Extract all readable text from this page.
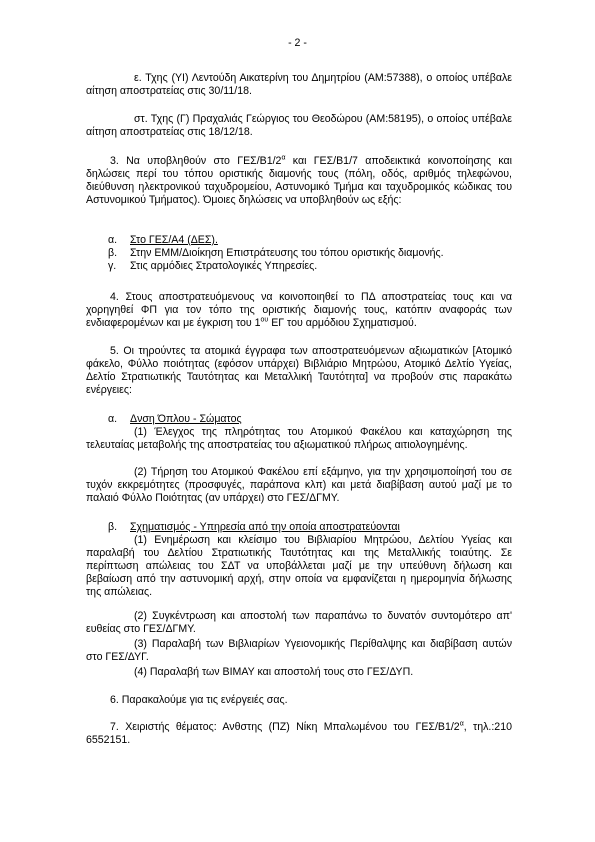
- 2 -
ε. Τχης (ΥΙ) Λεντούδη Αικατερίνη του Δημητρίου (ΑΜ:57388), ο οποίος υπέβαλε αίτηση αποστρατείας στις 30/11/18.
στ. Τχης (Γ) Πραχαλιάς Γεώργιος του Θεοδώρου (ΑΜ:58195), ο οποίος υπέβαλε αίτηση αποστρατείας στις 18/12/18.
3. Να υποβληθούν στο ΓΕΣ/$B1/2^\alpha$ και ΓΕΣ/Β1/7 αποδεικτικά κοινοποίησης και δηλώσεις περί του τόπου οριστικής διαμονής τους (πόλη, οδός, αριθμός τηλεφώνου, διεύθυνση ηλεκτρονικού ταχυδρομείου, Αστυνομικό Τμήμα και ταχυδρομικός κώδικας του Αστυνομικού Τμήματος). Όμοιες δηλώσεις να υποβληθούν ως εξής:
α. Στο ΓΕΣ/Α4 (ΔΕΣ).
β. Στην ΕΜΜ/Διοίκηση Επιστράτευσης του τόπου οριστικής διαμονής.
γ. Στις αρμόδιες Στρατολογικές Υπηρεσίες.
4. Στους αποστρατευόμενους να κοινοποιηθεί το ΠΔ αποστρατείας τους και να χορηγηθεί ΦΠ για τον τόπο της οριστικής διαμονής τους, κατόπιν αναφοράς των ενδιαφερομένων και με έγκριση του $1^{o\upsilon}$ ΕΓ του αρμόδιου Σχηματισμού.
5. Οι τηρούντες τα ατομικά έγγραφα των αποστρατευόμενων αξιωματικών [Ατομικό φάκελο, Φύλλο ποιότητας (εφόσον υπάρχει) Βιβλιάριο Μητρώου, Ατομικό Δελτίο Υγείας, Δελτίο Στρατιωτικής Ταυτότητας και Μεταλλική Ταυτότητα] να προβούν στις παρακάτω ενέργειες:
α. Δνση Όπλου - Σώματος
(1) Έλεγχος της πληρότητας του Ατομικού Φακέλου και καταχώρηση της τελευταίας μεταβολής της αποστρατείας του αξιωματικού πλήρως αιτιολογημένης.
(2) Τήρηση του Ατομικού Φακέλου επί εξάμηνο, για την χρησιμοποίησή του σε τυχόν εκκρεμότητες (προσφυγές, παράπονα κλπ) και μετά διαβίβαση αυτού μαζί με το παλαιό Φύλλο Ποιότητας (αν υπάρχει) στο ΓΕΣ/ΔΓΜΥ.
β. Σχηματισμός - Υπηρεσία από την οποία αποστρατεύονται
(1) Ενημέρωση και κλείσιμο του Βιβλιαρίου Μητρώου, Δελτίου Υγείας και παραλαβή του Δελτίου Στρατιωτικής Ταυτότητας και της Μεταλλικής τοιαύτης. Σε περίπτωση απώλειας του ΣΔΤ να υποβάλλεται μαζί με την υπεύθυνη δήλωση και βεβαίωση από την αστυνομική αρχή, στην οποία να εμφανίζεται η ημερομηνία δήλωσης της απώλειας.
(2) Συγκέντρωση και αποστολή των παραπάνω το δυνατόν συντομότερο απ' ευθείας στο ΓΕΣ/ΔΓΜΥ.
(3) Παραλαβή των Βιβλιαρίων Υγειονομικής Περίθαλψης και διαβίβαση αυτών στο ΓΕΣ/ΔΥΓ.
(4) Παραλαβή των ΒΙΜΑΥ και αποστολή τους στο ΓΕΣ/ΔΥΠ.
6. Παρακαλούμε για τις ενέργειές σας.
7. Χειριστής θέματος: Ανθστης (ΠΖ) Νίκη Μπαλωμένου του ΓΕΣ/$B1/2^\alpha$, τηλ.:210 6552151.
